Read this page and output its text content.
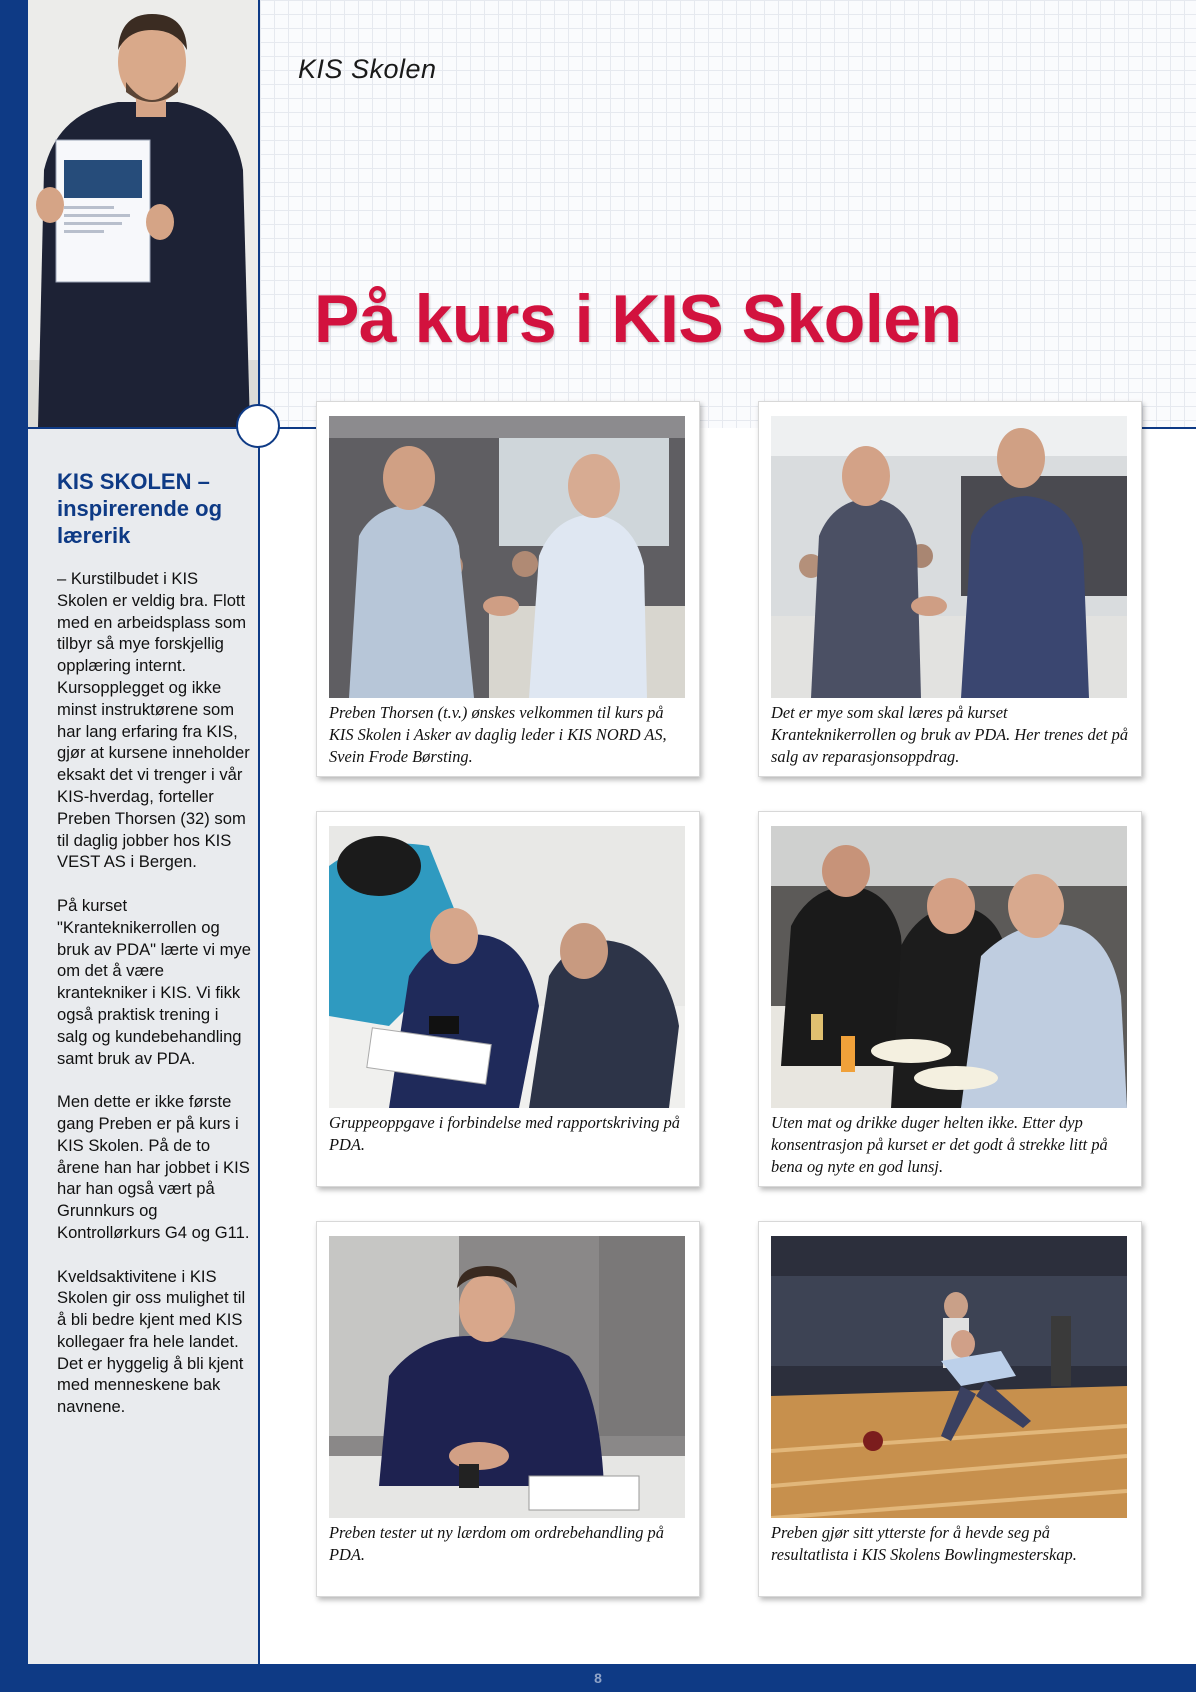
KIS Skolen
På kurs i KIS Skolen
KIS SKOLEN – inspirerende og lærerik

– Kurstilbudet i KIS Skolen er veldig bra. Flott med en arbeidsplass som tilbyr så mye forskjellig opplæring internt. Kursopplegget og ikke minst instruktørene som har lang erfaring fra KIS, gjør at kursene inneholder eksakt det vi trenger i vår KIS-hverdag, forteller Preben Thorsen (32) som til daglig jobber hos KIS VEST AS i Bergen.

På kurset "Kranteknikerrollen og bruk av PDA" lærte vi mye om det å være krantekniker i KIS. Vi fikk også praktisk trening i salg og kundebehandling samt bruk av PDA.

Men dette er ikke første gang Preben er på kurs i KIS Skolen. På de to årene han har jobbet i KIS har han også vært på Grunnkurs og Kontrollørkurs G4 og G11.

Kveldsaktivitene i KIS Skolen gir oss mulighet til å bli bedre kjent med KIS kollegaer fra hele landet. Det er hyggelig å bli kjent med menneskene bak navnene.

Preben Thorsen (t.v.) ønskes velkommen til kurs på KIS Skolen i Asker av daglig leder i KIS NORD AS, Svein Frode Børsting.
Det er mye som skal læres på kurset Kranteknikerrollen og bruk av PDA. Her trenes det på salg av reparasjonsoppdrag.
Gruppeoppgave i forbindelse med rapportskriving på PDA.
Uten mat og drikke duger helten ikke. Etter dyp konsentrasjon på kurset er det godt å strekke litt på bena og nyte en god lunsj.
Preben tester ut ny lærdom om ordrebehandling på PDA.
Preben gjør sitt ytterste for å hevde seg på resultatlista i KIS Skolens Bowlingmesterskap.
8
